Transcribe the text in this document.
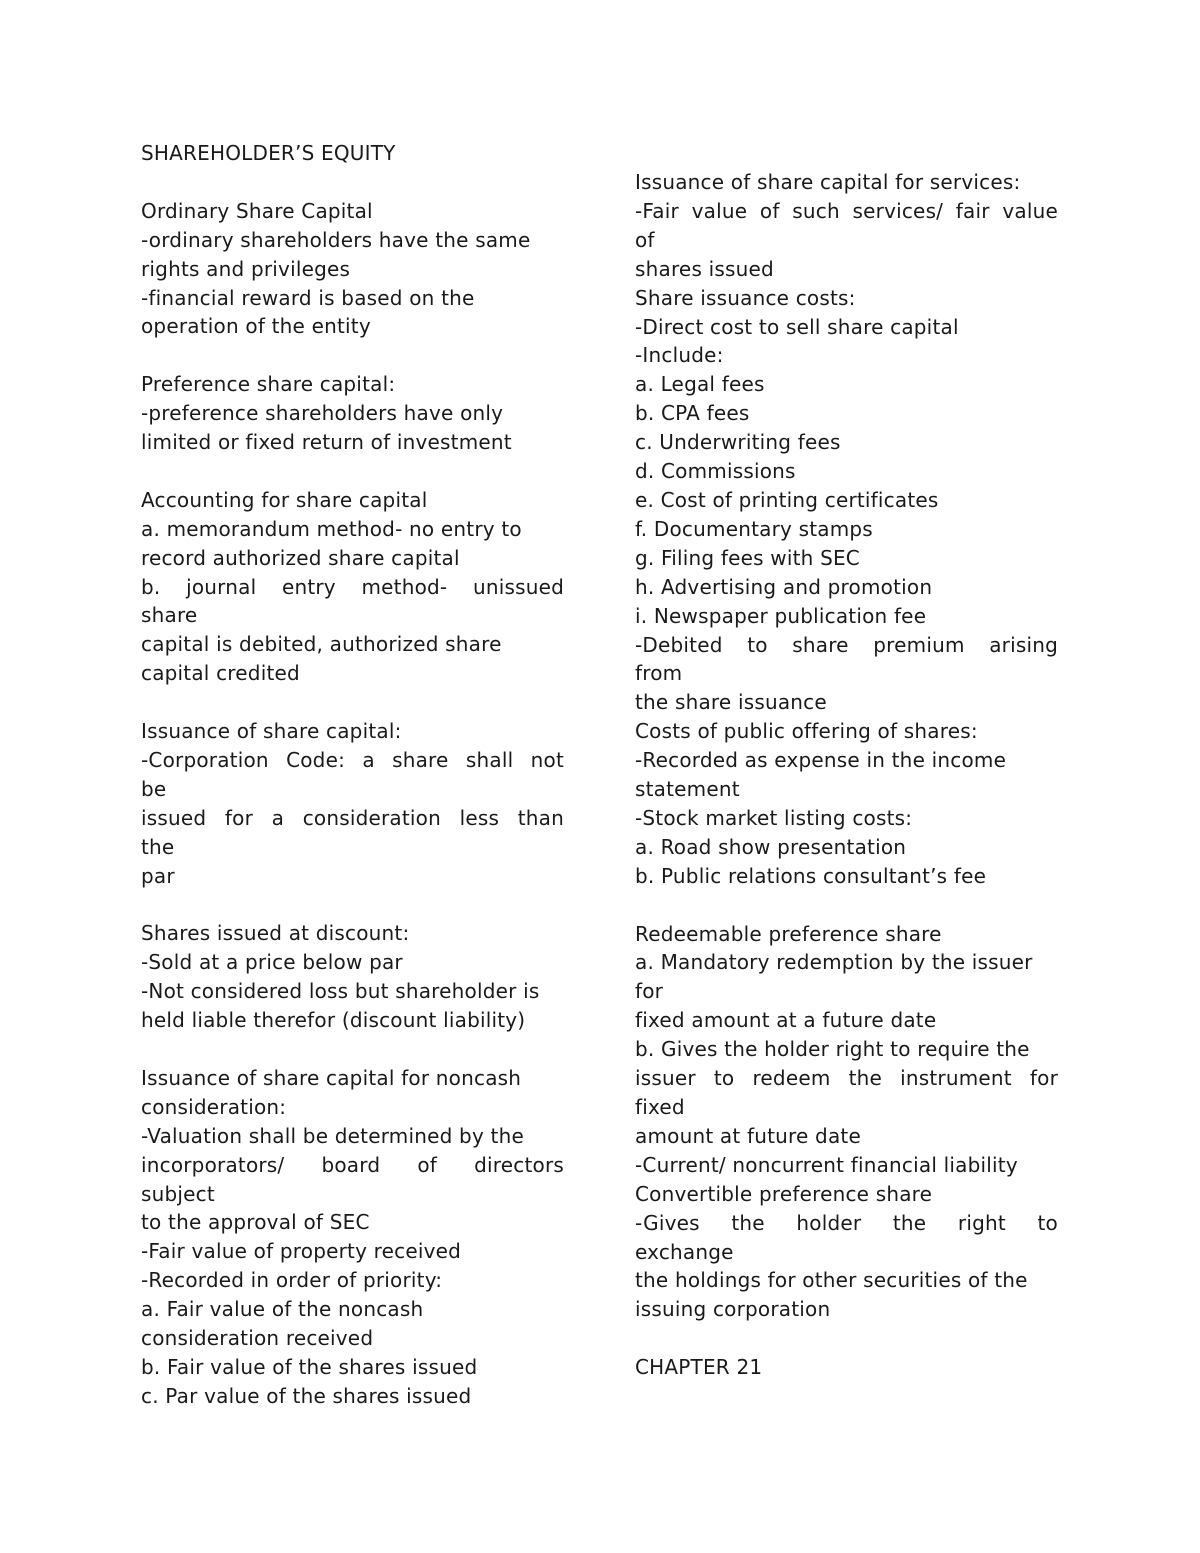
SHAREHOLDER’S EQUITY
Ordinary Share Capital
-ordinary shareholders have the same
rights and privileges
-financial reward is based on the
operation of the entity
Preference share capital:
-preference shareholders have only
limited or fixed return of investment
Accounting for share capital
a. memorandum method- no entry to
record authorized share capital
b. journal entry method- unissued
share
capital is debited, authorized share
capital credited
Issuance of share capital:
-Corporation Code: a share shall not
be
issued for a consideration less than
the
par
Shares issued at discount:
-Sold at a price below par
-Not considered loss but shareholder is
held liable therefor (discount liability)
Issuance of share capital for noncash
consideration:
-Valuation shall be determined by the
incorporators/ board of directors
subject
to the approval of SEC
-Fair value of property received
-Recorded in order of priority:
a. Fair value of the noncash
consideration received
b. Fair value of the shares issued
c. Par value of the shares issued
Issuance of share capital for services:
-Fair value of such services/ fair value
of
shares issued
Share issuance costs:
-Direct cost to sell share capital
-Include:
a. Legal fees
b. CPA fees
c. Underwriting fees
d. Commissions
e. Cost of printing certificates
f. Documentary stamps
g. Filing fees with SEC
h. Advertising and promotion
i. Newspaper publication fee
-Debited to share premium arising
from
the share issuance
Costs of public offering of shares:
-Recorded as expense in the income
statement
-Stock market listing costs:
a. Road show presentation
b. Public relations consultant’s fee
Redeemable preference share
a. Mandatory redemption by the issuer
for
fixed amount at a future date
b. Gives the holder right to require the
issuer to redeem the instrument for
fixed
amount at future date
-Current/ noncurrent financial liability
Convertible preference share
-Gives the holder the right to
exchange
the holdings for other securities of the
issuing corporation
CHAPTER 21
